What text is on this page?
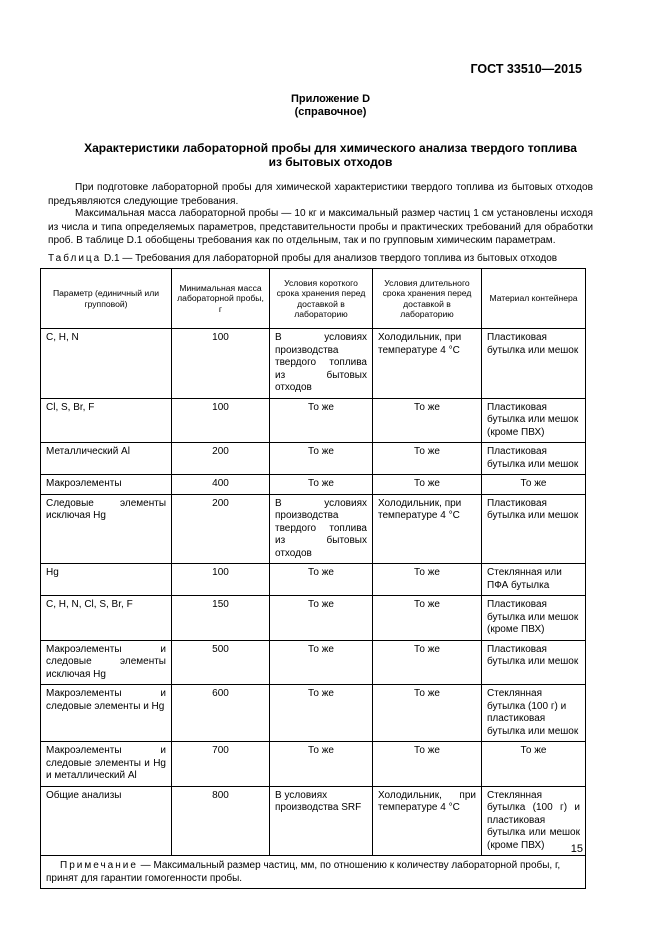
ГОСТ 33510—2015
Приложение D
(справочное)
Характеристики лабораторной пробы для химического анализа твердого топлива
из бытовых отходов

При подготовке лабораторной пробы для химической характеристики твердого топлива из бытовых отходов предъявляются следующие требования.

Максимальная масса лабораторной пробы — 10 кг и максимальный размер частиц 1 см установлены исходя из числа и типа определяемых параметров, представительности пробы и практических требований для обработки проб. В таблице D.1 обобщены требования как по отдельным, так и по групповым химическим параметрам.

Таблица D.1 — Требования для лабораторной пробы для анализов твердого топлива из бытовых отходов
Параметр (единичный или групповой)	Минимальная масса лабораторной пробы, г	Условия короткого срока хранения перед доставкой в лабораторию	Условия длительного срока хранения перед доставкой в лабораторию	Материал контейнера
C, H, N	100	В условиях производства твердого топлива из бытовых отходов	Холодильник, при температуре 4 °C	Пластиковая бутылка или мешок
Cl, S, Br, F	100	То же	То же	Пластиковая бутылка или мешок (кроме ПВХ)
Металлический Al	200	То же	То же	Пластиковая бутылка или мешок
Макроэлементы	400	То же	То же	То же
Следовые элементы исключая Hg	200	В условиях производства твердого топлива из бытовых отходов	Холодильник, при температуре 4 °C	Пластиковая бутылка или мешок
Hg	100	То же	То же	Стеклянная или ПФА бутылка
C, H, N, Cl, S, Br, F	150	То же	То же	Пластиковая бутылка или мешок (кроме ПВХ)
Макроэлементы и следовые элементы исключая Hg	500	То же	То же	Пластиковая бутылка или мешок
Макроэлементы и следовые элементы и Hg	600	То же	То же	Стеклянная бутылка (100 г) и пластиковая бутылка или мешок
Макроэлементы и следовые элементы и Hg и металлический Al	700	То же	То же	То же
Общие анализы	800	В условиях производства SRF	Холодильник, при температуре 4 °C	Стеклянная бутылка (100 г) и пластиковая бутылка или мешок (кроме ПВХ)
Примечание — Максимальный размер частиц, мм, по отношению к количеству лабораторной пробы, г, принят для гарантии гомогенности пробы.				
15
